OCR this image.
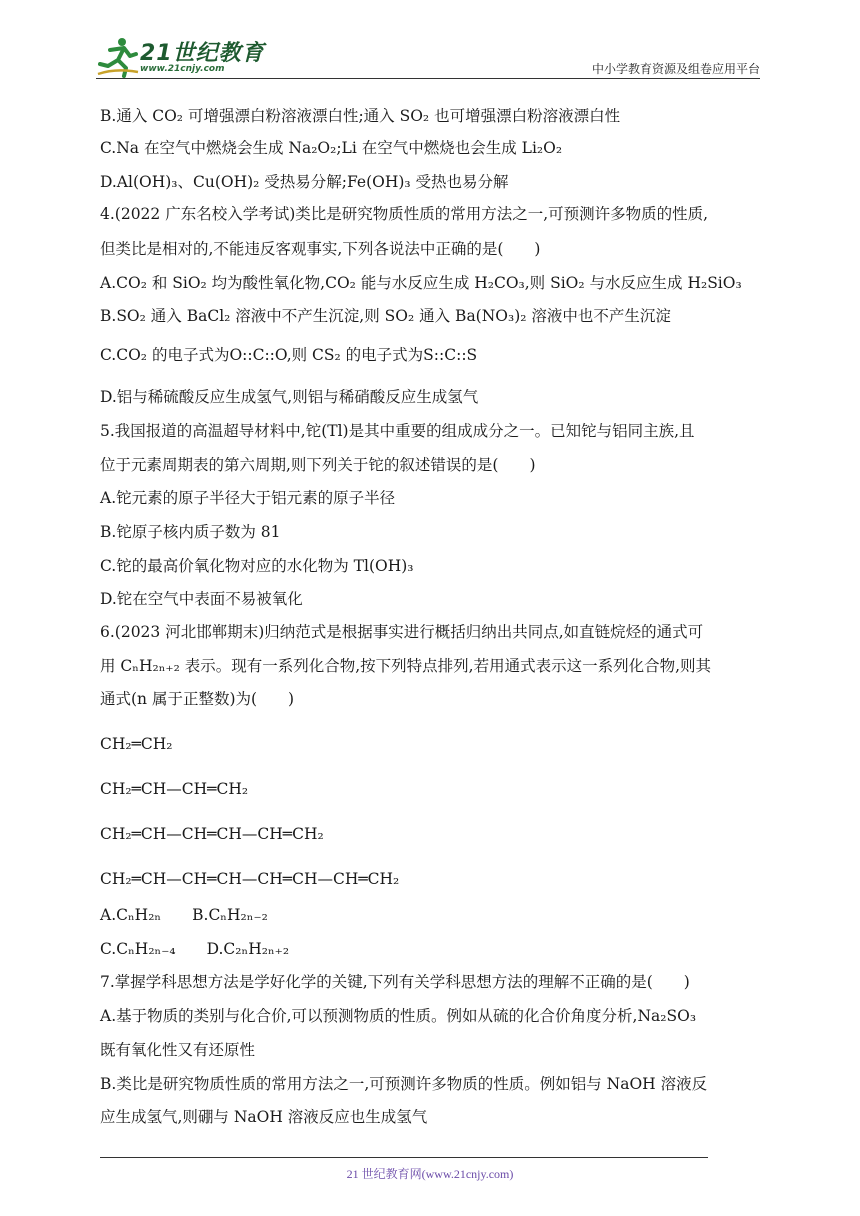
21世纪教育
www.21cnjy.com	中小学教育资源及组卷应用平台
B.通入 CO₂ 可增强漂白粉溶液漂白性;通入 SO₂ 也可增强漂白粉溶液漂白性
C.Na 在空气中燃烧会生成 Na₂O₂;Li 在空气中燃烧也会生成 Li₂O₂
D.Al(OH)₃、Cu(OH)₂ 受热易分解;Fe(OH)₃ 受热也易分解
4.(2022 广东名校入学考试)类比是研究物质性质的常用方法之一,可预测许多物质的性质,
但类比是相对的,不能违反客观事实,下列各说法中正确的是(　　)
A.CO₂ 和 SiO₂ 均为酸性氧化物,CO₂ 能与水反应生成 H₂CO₃,则 SiO₂ 与水反应生成 H₂SiO₃
B.SO₂ 通入 BaCl₂ 溶液中不产生沉淀,则 SO₂ 通入 Ba(NO₃)₂ 溶液中也不产生沉淀
C.CO₂ 的电子式为O::C::O,则 CS₂ 的电子式为S::C::S
D.铝与稀硫酸反应生成氢气,则铝与稀硝酸反应生成氢气
5.我国报道的高温超导材料中,铊(Tl)是其中重要的组成成分之一。已知铊与铝同主族,且
位于元素周期表的第六周期,则下列关于铊的叙述错误的是(　　)
A.铊元素的原子半径大于铝元素的原子半径
B.铊原子核内质子数为 81
C.铊的最高价氧化物对应的水化物为 Tl(OH)₃
D.铊在空气中表面不易被氧化
6.(2023 河北邯郸期末)归纳范式是根据事实进行概括归纳出共同点,如直链烷烃的通式可
用 CₙH₂ₙ₊₂ 表示。现有一系列化合物,按下列特点排列,若用通式表示这一系列化合物,则其
通式(n 属于正整数)为(　　)
CH₂═CH₂
CH₂═CH—CH═CH₂
CH₂═CH—CH═CH—CH═CH₂
CH₂═CH—CH═CH—CH═CH—CH═CH₂
A.CₙH₂ₙ　　B.CₙH₂ₙ₋₂
C.CₙH₂ₙ₋₄　　D.C₂ₙH₂ₙ₊₂
7.掌握学科思想方法是学好化学的关键,下列有关学科思想方法的理解不正确的是(　　)
A.基于物质的类别与化合价,可以预测物质的性质。例如从硫的化合价角度分析,Na₂SO₃
既有氧化性又有还原性
B.类比是研究物质性质的常用方法之一,可预测许多物质的性质。例如铝与 NaOH 溶液反
应生成氢气,则硼与 NaOH 溶液反应也生成氢气
21 世纪教育网(www.21cnjy.com)
